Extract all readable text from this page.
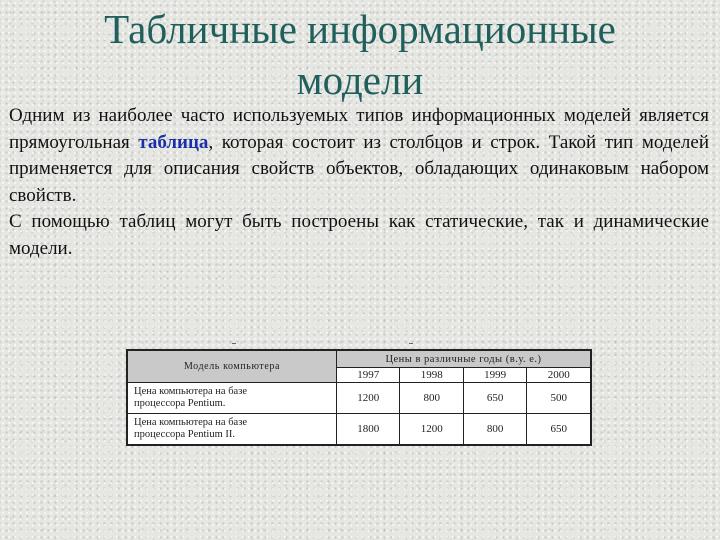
Табличные информационные
модели

Одним из наиболее часто используемых типов информационных моделей является прямоугольная таблица, которая состоит из столбцов и строк. Такой тип моделей применяется для описания свойств объектов, обладающих одинаковым набором свойств.

С помощью таблиц могут быть построены как статические, так и динамические модели.

Модель компьютера	Цены в различные годы (в.у. е.)			
	1997	1998	1999	2000
Цена компьютера на базе
процессора Pentium.	1200	800	650	500
Цена компьютера на базе
процессора Pentium II.	1800	1200	800	650
